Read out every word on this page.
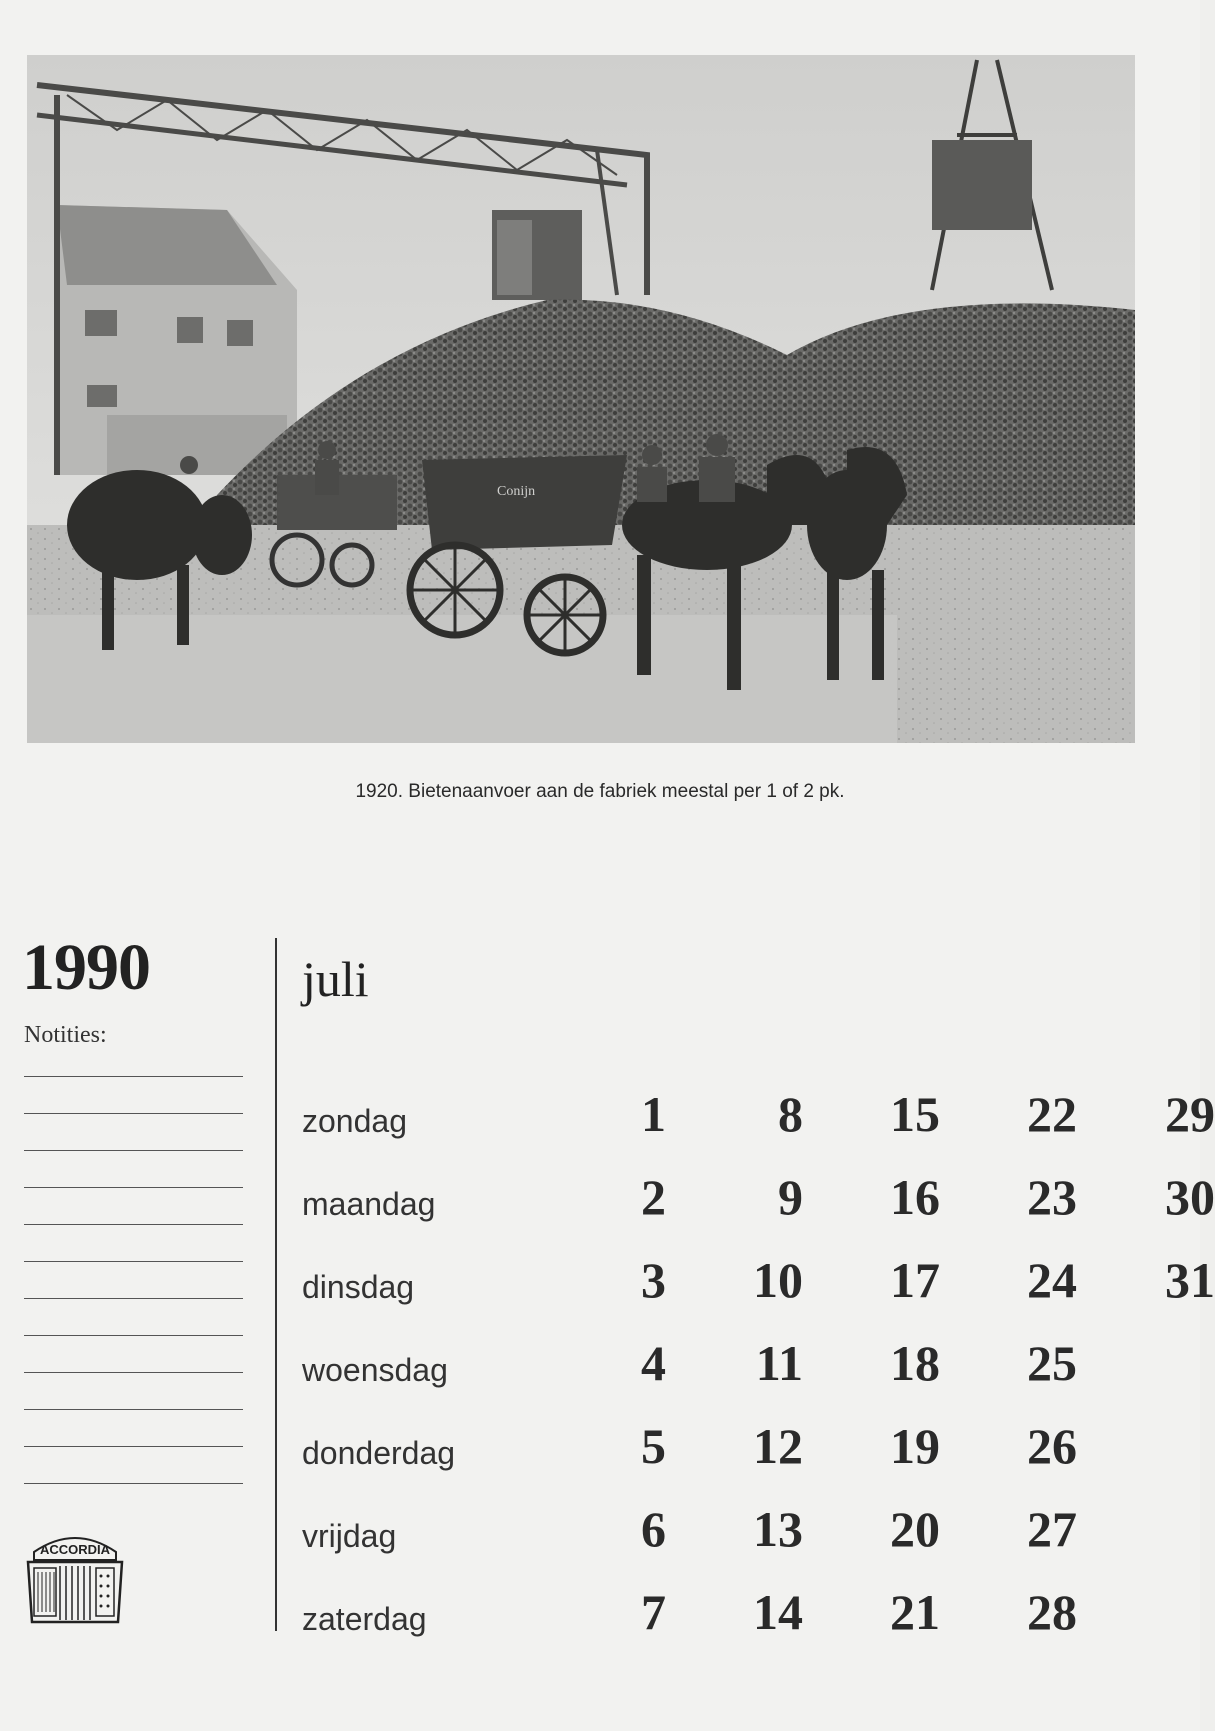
Conijn
1920. Bietenaanvoer aan de fabriek meestal per 1 of 2 pk.
1990
Notities:
ACCORDIA
juli
zondag	1	8	15	22	29
maandag	2	9	16	23	30
dinsdag	3	10	17	24	31
woensdag	4	11	18	25
donderdag	5	12	19	26
vrijdag	6	13	20	27
zaterdag	7	14	21	28
